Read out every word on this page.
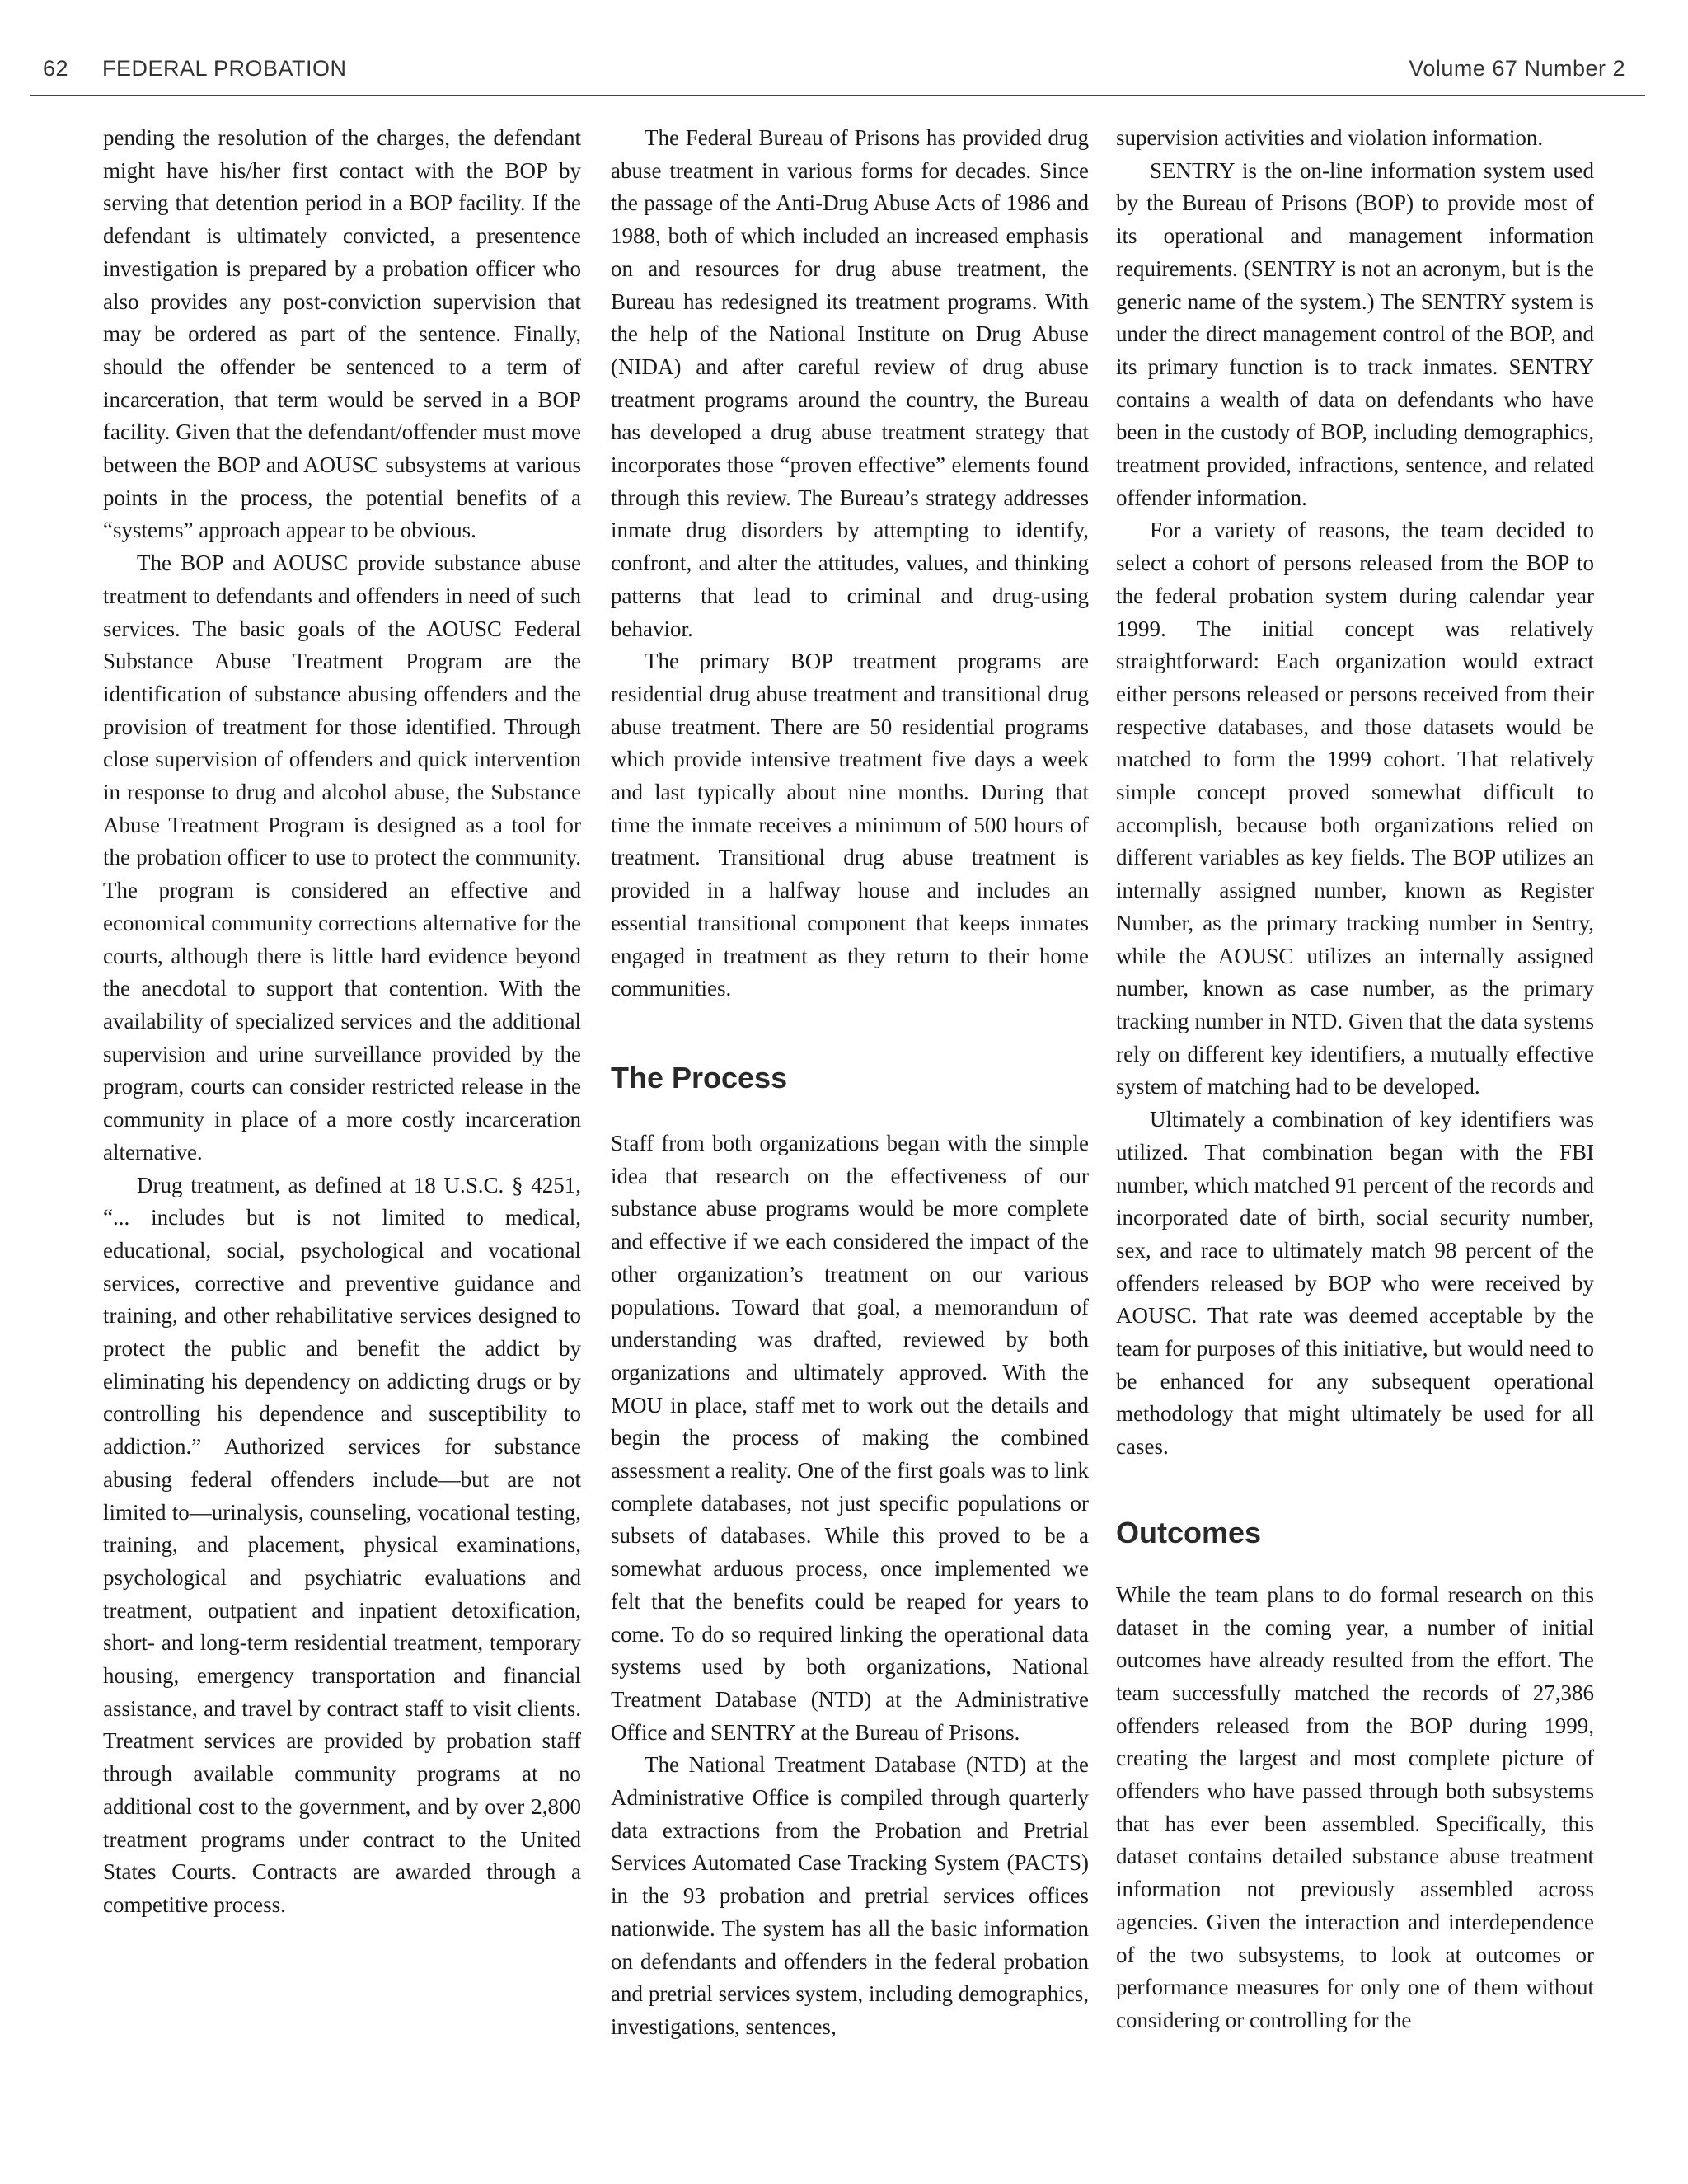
62 FEDERAL PROBATION	Volume 67 Number 2

pending the resolution of the charges, the defendant might have his/her first contact with the BOP by serving that detention period in a BOP facility. If the defendant is ultimately convicted, a presentence investigation is prepared by a probation officer who also provides any post-conviction supervision that may be ordered as part of the sentence. Finally, should the offender be sentenced to a term of incarceration, that term would be served in a BOP facility. Given that the defendant/offender must move between the BOP and AOUSC subsystems at various points in the process, the potential benefits of a “systems” approach appear to be obvious.

The BOP and AOUSC provide substance abuse treatment to defendants and offenders in need of such services. The basic goals of the AOUSC Federal Substance Abuse Treatment Program are the identification of substance abusing offenders and the provision of treatment for those identified. Through close supervision of offenders and quick intervention in response to drug and alcohol abuse, the Substance Abuse Treatment Program is designed as a tool for the probation officer to use to protect the community. The program is considered an effective and economical community corrections alternative for the courts, although there is little hard evidence beyond the anecdotal to support that contention. With the availability of specialized services and the additional supervision and urine surveillance provided by the program, courts can consider restricted release in the community in place of a more costly incarceration alternative.

Drug treatment, as defined at 18 U.S.C. § 4251, “... includes but is not limited to medical, educational, social, psychological and vocational services, corrective and preventive guidance and training, and other rehabilitative services designed to protect the public and benefit the addict by eliminating his dependency on addicting drugs or by controlling his dependence and susceptibility to addiction.” Authorized services for substance abusing federal offenders include—but are not limited to—urinalysis, counseling, vocational testing, training, and placement, physical examinations, psychological and psychiatric evaluations and treatment, outpatient and inpatient detoxification, short- and long-term residential treatment, temporary housing, emergency transportation and financial assistance, and travel by contract staff to visit clients. Treatment services are provided by probation staff through available community programs at no additional cost to the government, and by over 2,800 treatment programs under contract to the United States Courts. Contracts are awarded through a competitive process.

The Federal Bureau of Prisons has provided drug abuse treatment in various forms for decades. Since the passage of the Anti-Drug Abuse Acts of 1986 and 1988, both of which included an increased emphasis on and resources for drug abuse treatment, the Bureau has redesigned its treatment programs. With the help of the National Institute on Drug Abuse (NIDA) and after careful review of drug abuse treatment programs around the country, the Bureau has developed a drug abuse treatment strategy that incorporates those “proven effective” elements found through this review. The Bureau’s strategy addresses inmate drug disorders by attempting to identify, confront, and alter the attitudes, values, and thinking patterns that lead to criminal and drug-using behavior.

The primary BOP treatment programs are residential drug abuse treatment and transitional drug abuse treatment. There are 50 residential programs which provide intensive treatment five days a week and last typically about nine months. During that time the inmate receives a minimum of 500 hours of treatment. Transitional drug abuse treatment is provided in a halfway house and includes an essential transitional component that keeps inmates engaged in treatment as they return to their home communities.

The Process

Staff from both organizations began with the simple idea that research on the effectiveness of our substance abuse programs would be more complete and effective if we each considered the impact of the other organization’s treatment on our various populations. Toward that goal, a memorandum of understanding was drafted, reviewed by both organizations and ultimately approved. With the MOU in place, staff met to work out the details and begin the process of making the combined assessment a reality. One of the first goals was to link complete databases, not just specific populations or subsets of databases. While this proved to be a somewhat arduous process, once implemented we felt that the benefits could be reaped for years to come. To do so required linking the operational data systems used by both organizations, National Treatment Database (NTD) at the Administrative Office and SENTRY at the Bureau of Prisons.

The National Treatment Database (NTD) at the Administrative Office is compiled through quarterly data extractions from the Probation and Pretrial Services Automated Case Tracking System (PACTS) in the 93 probation and pretrial services offices nationwide. The system has all the basic information on defendants and offenders in the federal probation and pretrial services system, including demographics, investigations, sentences,

supervision activities and violation information.

SENTRY is the on-line information system used by the Bureau of Prisons (BOP) to provide most of its operational and management information requirements. (SENTRY is not an acronym, but is the generic name of the system.) The SENTRY system is under the direct management control of the BOP, and its primary function is to track inmates. SENTRY contains a wealth of data on defendants who have been in the custody of BOP, including demographics, treatment provided, infractions, sentence, and related offender information.

For a variety of reasons, the team decided to select a cohort of persons released from the BOP to the federal probation system during calendar year 1999. The initial concept was relatively straightforward: Each organization would extract either persons released or persons received from their respective databases, and those datasets would be matched to form the 1999 cohort. That relatively simple concept proved somewhat difficult to accomplish, because both organizations relied on different variables as key fields. The BOP utilizes an internally assigned number, known as Register Number, as the primary tracking number in Sentry, while the AOUSC utilizes an internally assigned number, known as case number, as the primary tracking number in NTD. Given that the data systems rely on different key identifiers, a mutually effective system of matching had to be developed.

Ultimately a combination of key identifiers was utilized. That combination began with the FBI number, which matched 91 percent of the records and incorporated date of birth, social security number, sex, and race to ultimately match 98 percent of the offenders released by BOP who were received by AOUSC. That rate was deemed acceptable by the team for purposes of this initiative, but would need to be enhanced for any subsequent operational methodology that might ultimately be used for all cases.

Outcomes

While the team plans to do formal research on this dataset in the coming year, a number of initial outcomes have already resulted from the effort. The team successfully matched the records of 27,386 offenders released from the BOP during 1999, creating the largest and most complete picture of offenders who have passed through both subsystems that has ever been assembled. Specifically, this dataset contains detailed substance abuse treatment information not previously assembled across agencies. Given the interaction and interdependence of the two subsystems, to look at outcomes or performance measures for only one of them without considering or controlling for the
